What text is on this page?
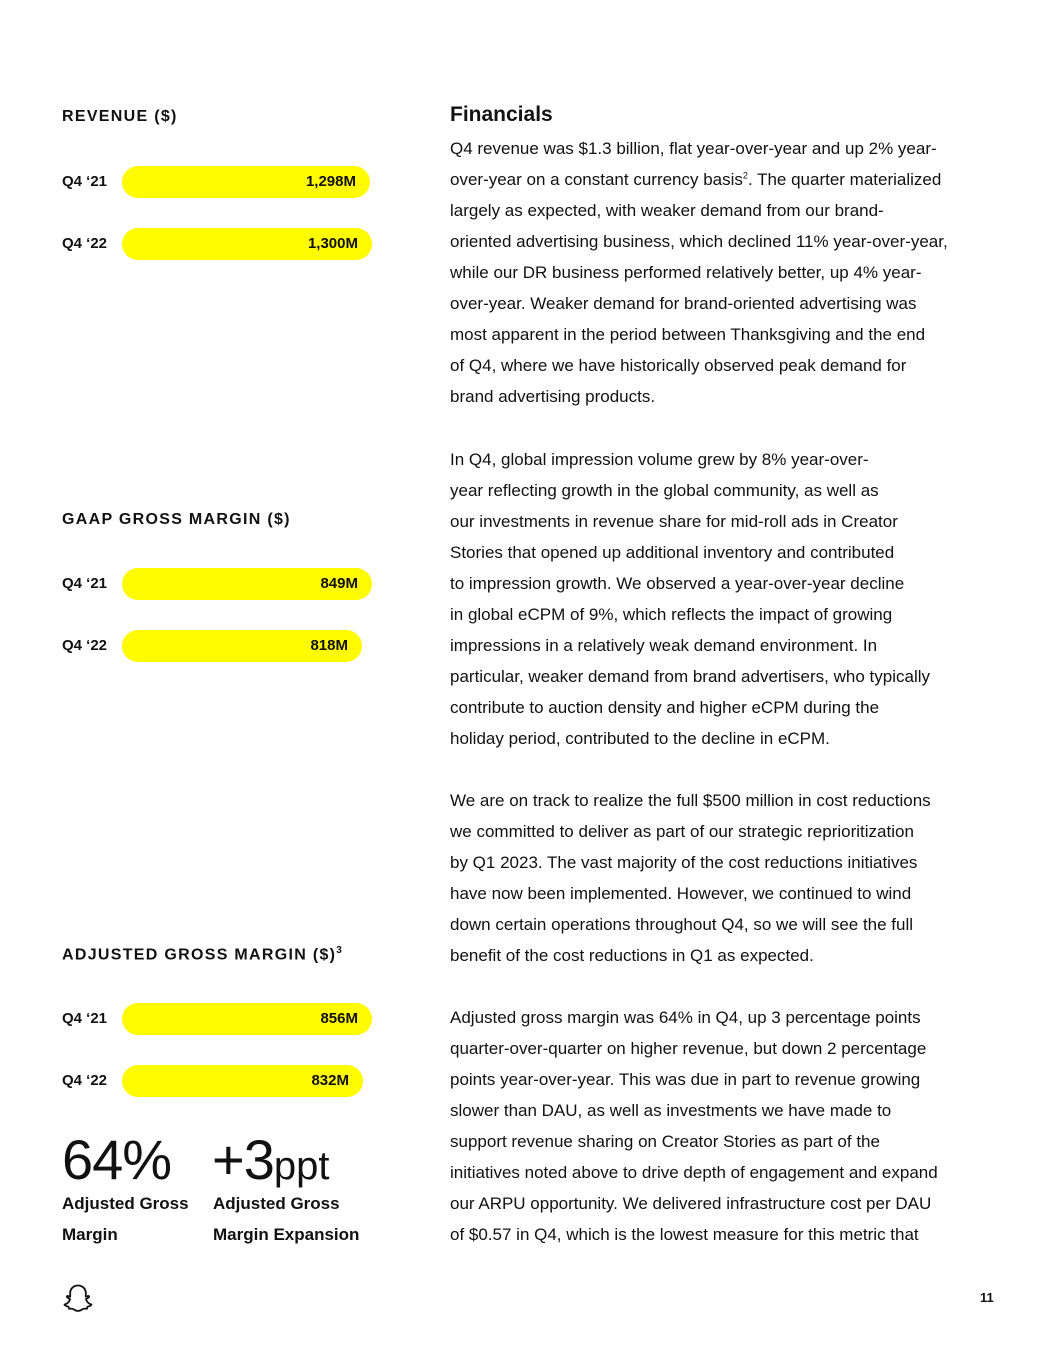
REVENUE ($)
Q4 ‘21	1,298M
Q4 ‘22	1,300M
GAAP GROSS MARGIN ($)
Q4 ‘21	849M
Q4 ‘22	818M
ADJUSTED GROSS MARGIN ($)$^3$
Q4 ‘21	856M
Q4 ‘22	832M
64%
Adjusted Gross Margin
+3ppt
Adjusted Gross Margin Expansion
Financials

Q4 revenue was $1.3 billion, flat year-over-year and up 2% year-
over-year on a constant currency basis$^2$. The quarter materialized
largely as expected, with weaker demand from our brand-
oriented advertising business, which declined 11% year-over-year,
while our DR business performed relatively better, up 4% year-
over-year. Weaker demand for brand-oriented advertising was
most apparent in the period between Thanksgiving and the end
of Q4, where we have historically observed peak demand for
brand advertising products.

In Q4, global impression volume grew by 8% year-over-
year reflecting growth in the global community, as well as
our investments in revenue share for mid-roll ads in Creator
Stories that opened up additional inventory and contributed
to impression growth. We observed a year-over-year decline
in global eCPM of 9%, which reflects the impact of growing
impressions in a relatively weak demand environment. In
particular, weaker demand from brand advertisers, who typically
contribute to auction density and higher eCPM during the
holiday period, contributed to the decline in eCPM.

We are on track to realize the full $500 million in cost reductions
we committed to deliver as part of our strategic reprioritization
by Q1 2023. The vast majority of the cost reductions initiatives
have now been implemented. However, we continued to wind
down certain operations throughout Q4, so we will see the full
benefit of the cost reductions in Q1 as expected.

Adjusted gross margin was 64% in Q4, up 3 percentage points
quarter-over-quarter on higher revenue, but down 2 percentage
points year-over-year. This was due in part to revenue growing
slower than DAU, as well as investments we have made to
support revenue sharing on Creator Stories as part of the
initiatives noted above to drive depth of engagement and expand
our ARPU opportunity. We delivered infrastructure cost per DAU
of $0.57 in Q4, which is the lowest measure for this metric that

11
